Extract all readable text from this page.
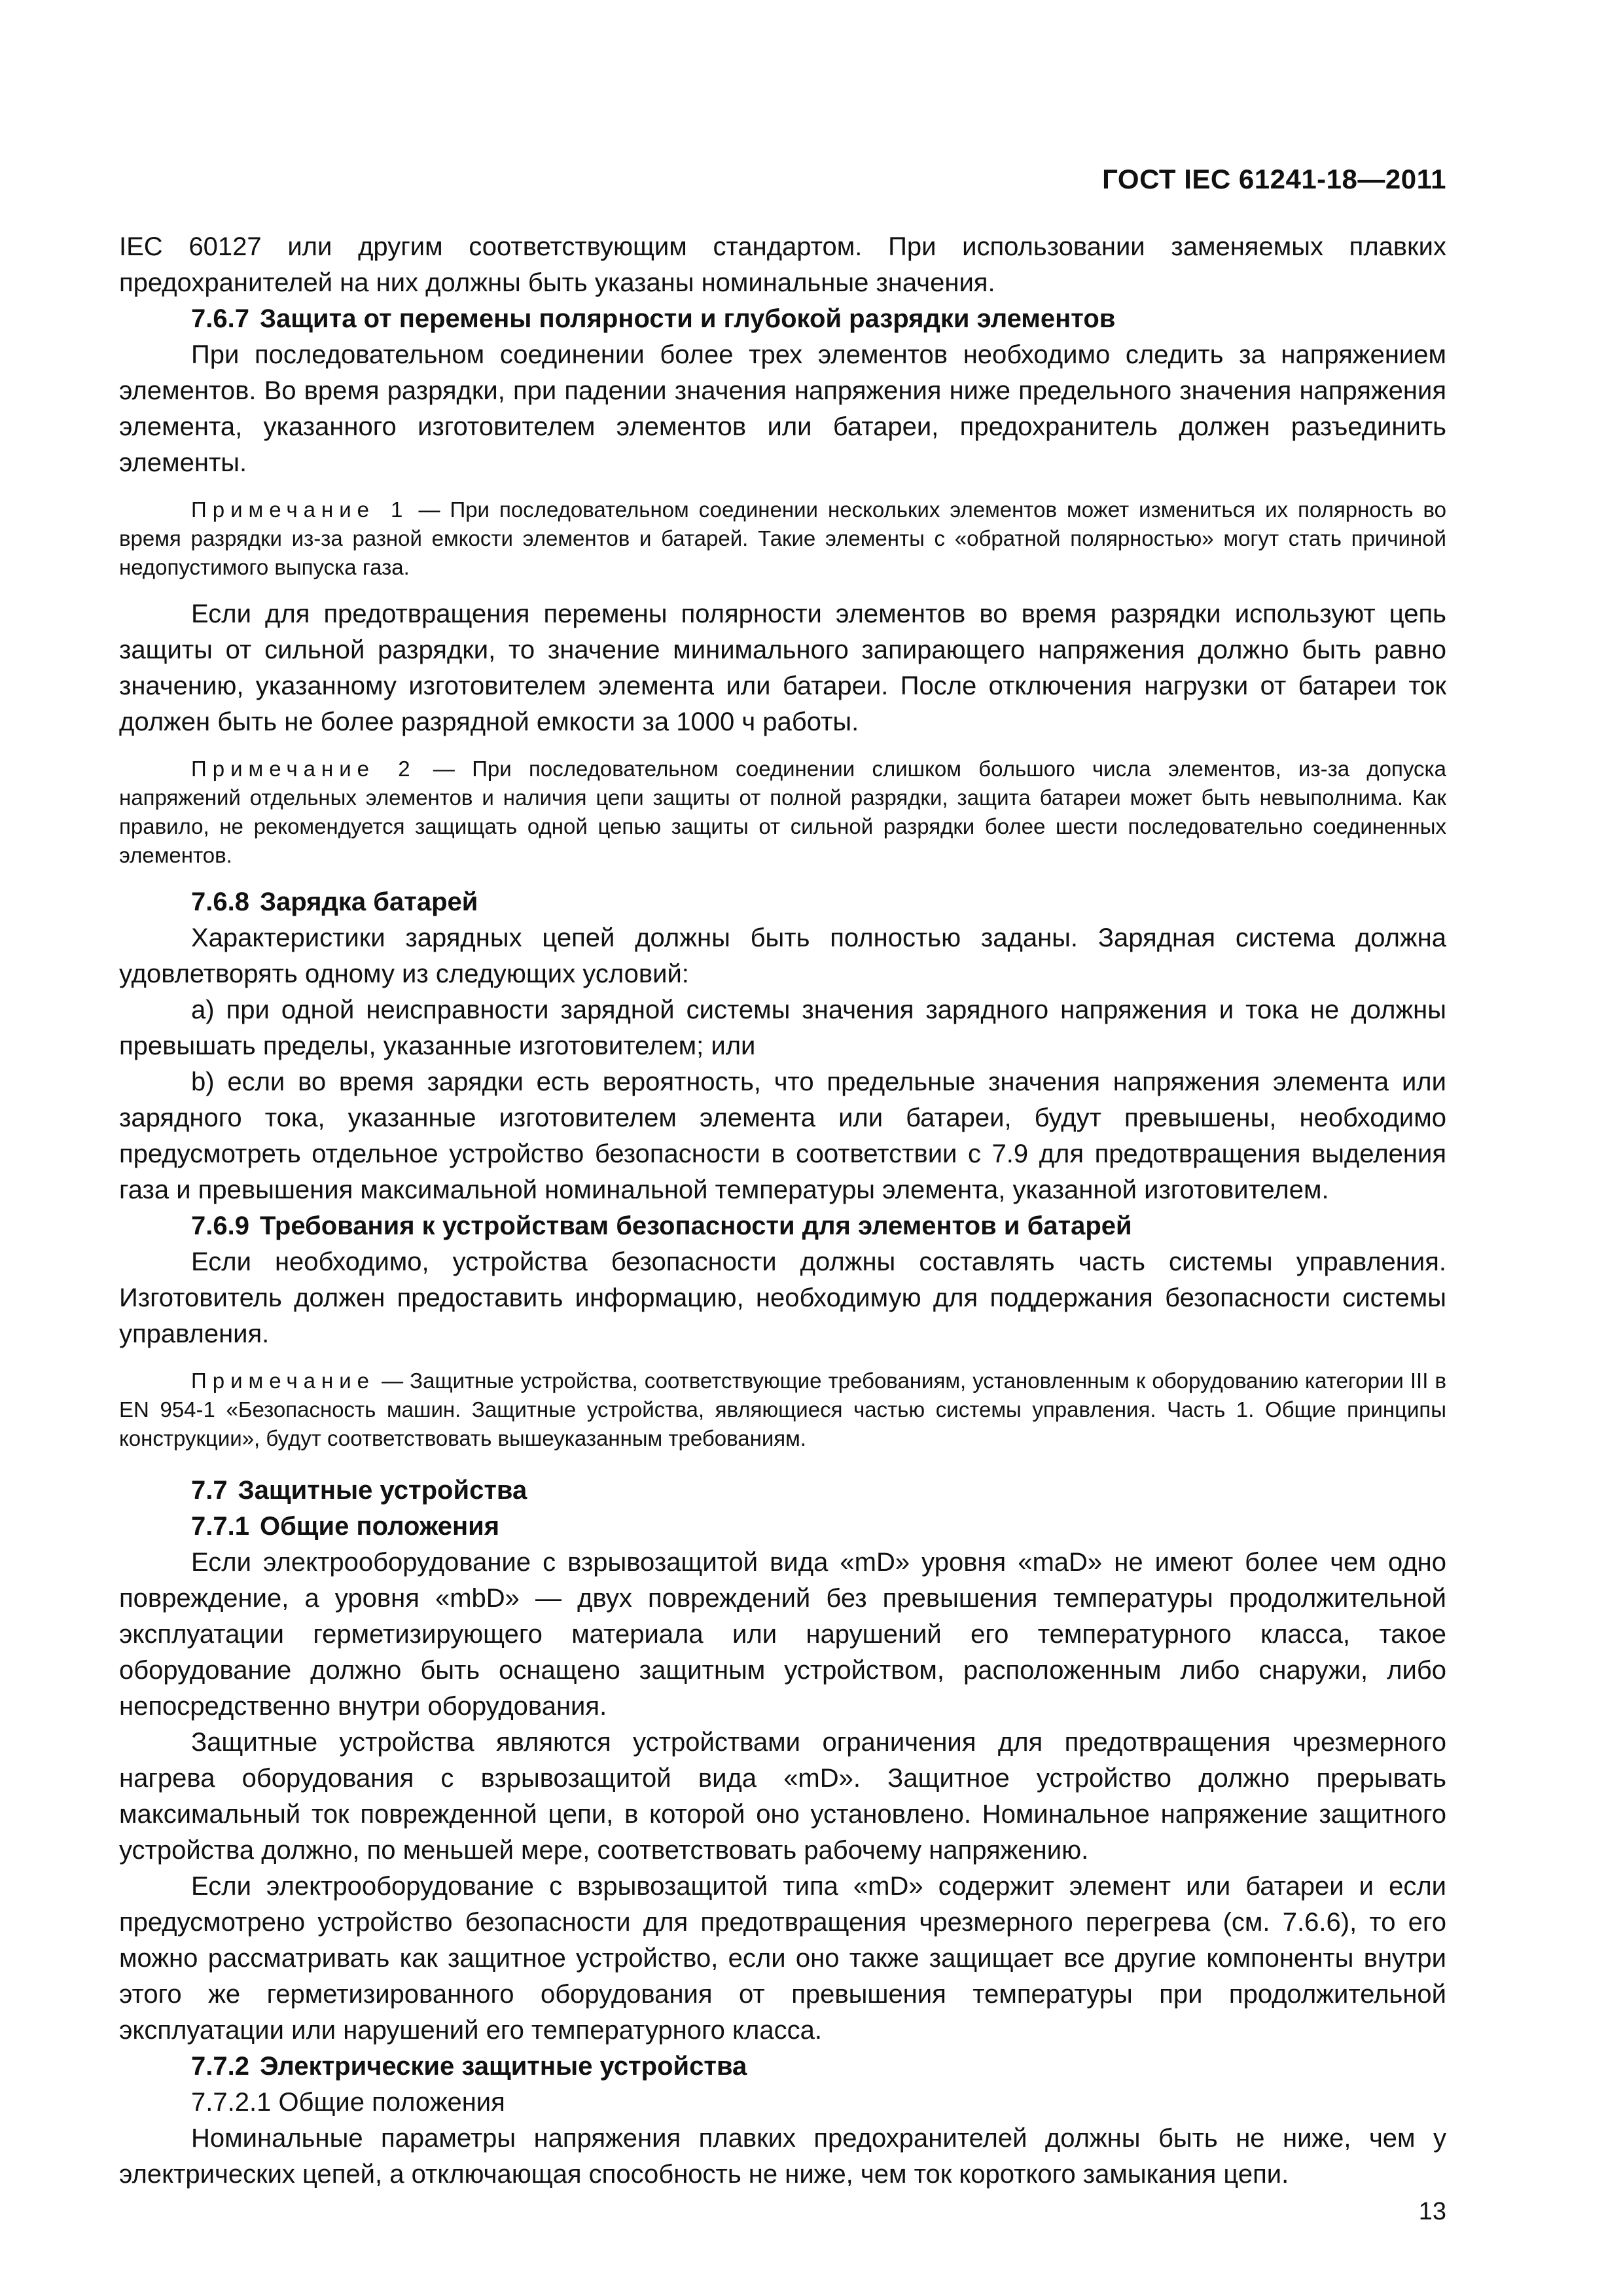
ГОСТ IEC 61241-18—2011

IEC 60127 или другим соответствующим стандартом. При использовании заменяемых плавких предохранителей на них должны быть указаны номинальные значения.

7.6.7 Защита от перемены полярности и глубокой разрядки элементов

При последовательном соединении более трех элементов необходимо следить за напряжением элементов. Во время разрядки, при падении значения напряжения ниже предельного значения напряжения элемента, указанного изготовителем элементов или батареи, предохранитель должен разъединить элементы.

Примечание 1 — При последовательном соединении нескольких элементов может измениться их полярность во время разрядки из-за разной емкости элементов и батарей. Такие элементы с «обратной полярностью» могут стать причиной недопустимого выпуска газа.

Если для предотвращения перемены полярности элементов во время разрядки используют цепь защиты от сильной разрядки, то значение минимального запирающего напряжения должно быть равно значению, указанному изготовителем элемента или батареи. После отключения нагрузки от батареи ток должен быть не более разрядной емкости за 1000 ч работы.

Примечание 2 — При последовательном соединении слишком большого числа элементов, из-за допуска напряжений отдельных элементов и наличия цепи защиты от полной разрядки, защита батареи может быть невыполнима. Как правило, не рекомендуется защищать одной цепью защиты от сильной разрядки более шести последовательно соединенных элементов.
7.6.8 Зарядка батарей

Характеристики зарядных цепей должны быть полностью заданы. Зарядная система должна удовлетворять одному из следующих условий:

a) при одной неисправности зарядной системы значения зарядного напряжения и тока не должны превышать пределы, указанные изготовителем; или

b) если во время зарядки есть вероятность, что предельные значения напряжения элемента или зарядного тока, указанные изготовителем элемента или батареи, будут превышены, необходимо предусмотреть отдельное устройство безопасности в соответствии с 7.9 для предотвращения выделения газа и превышения максимальной номинальной температуры элемента, указанной изготовителем.

7.6.9 Требования к устройствам безопасности для элементов и батарей

Если необходимо, устройства безопасности должны составлять часть системы управления. Изготовитель должен предоставить информацию, необходимую для поддержания безопасности системы управления.

Примечание — Защитные устройства, соответствующие требованиям, установленным к оборудованию категории III в EN 954-1 «Безопасность машин. Защитные устройства, являющиеся частью системы управления. Часть 1. Общие принципы конструкции», будут соответствовать вышеуказанным требованиям.
7.7 Защитные устройства
7.7.1 Общие положения

Если электрооборудование с взрывозащитой вида «mD» уровня «maD» не имеют более чем одно повреждение, а уровня «mbD» — двух повреждений без превышения температуры продолжительной эксплуатации герметизирующего материала или нарушений его температурного класса, такое оборудование должно быть оснащено защитным устройством, расположенным либо снаружи, либо непосредственно внутри оборудования.

Защитные устройства являются устройствами ограничения для предотвращения чрезмерного нагрева оборудования с взрывозащитой вида «mD». Защитное устройство должно прерывать максимальный ток поврежденной цепи, в которой оно установлено. Номинальное напряжение защитного устройства должно, по меньшей мере, соответствовать рабочему напряжению.

Если электрооборудование с взрывозащитой типа «mD» содержит элемент или батареи и если предусмотрено устройство безопасности для предотвращения чрезмерного перегрева (см. 7.6.6), то его можно рассматривать как защитное устройство, если оно также защищает все другие компоненты внутри этого же герметизированного оборудования от превышения температуры при продолжительной эксплуатации или нарушений его температурного класса.

7.7.2 Электрические защитные устройства

7.7.2.1 Общие положения

Номинальные параметры напряжения плавких предохранителей должны быть не ниже, чем у электрических цепей, а отключающая способность не ниже, чем ток короткого замыкания цепи.

13
